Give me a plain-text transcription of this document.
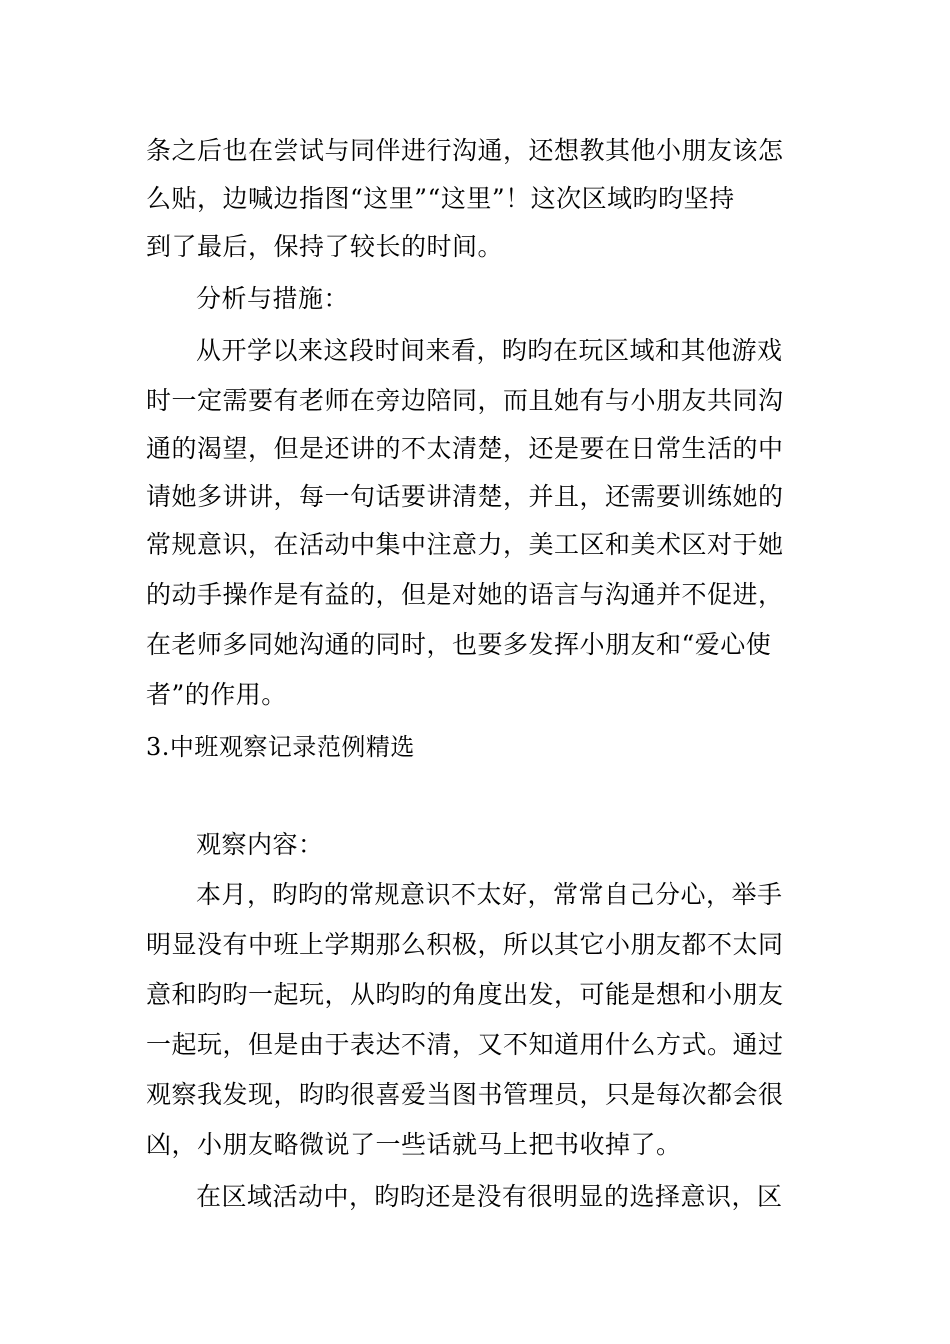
条之后也在尝试与同伴进行沟通，还想教其他小朋友该怎
么贴，边喊边指图“这里”“这里”！这次区域昀昀坚持
到了最后，保持了较长的时间。
分析与措施：
从开学以来这段时间来看，昀昀在玩区域和其他游戏
时一定需要有老师在旁边陪同，而且她有与小朋友共同沟
通的渴望，但是还讲的不太清楚，还是要在日常生活的中
请她多讲讲，每一句话要讲清楚，并且，还需要训练她的
常规意识，在活动中集中注意力，美工区和美术区对于她
的动手操作是有益的，但是对她的语言与沟通并不促进，
在老师多同她沟通的同时，也要多发挥小朋友和“爱心使
者”的作用。
3.中班观察记录范例精选
观察内容：
本月，昀昀的常规意识不太好，常常自己分心，举手
明显没有中班上学期那么积极，所以其它小朋友都不太同
意和昀昀一起玩，从昀昀的角度出发，可能是想和小朋友
一起玩，但是由于表达不清，又不知道用什么方式。通过
观察我发现，昀昀很喜爱当图书管理员，只是每次都会很
凶，小朋友略微说了一些话就马上把书收掉了。
在区域活动中，昀昀还是没有很明显的选择意识，区
